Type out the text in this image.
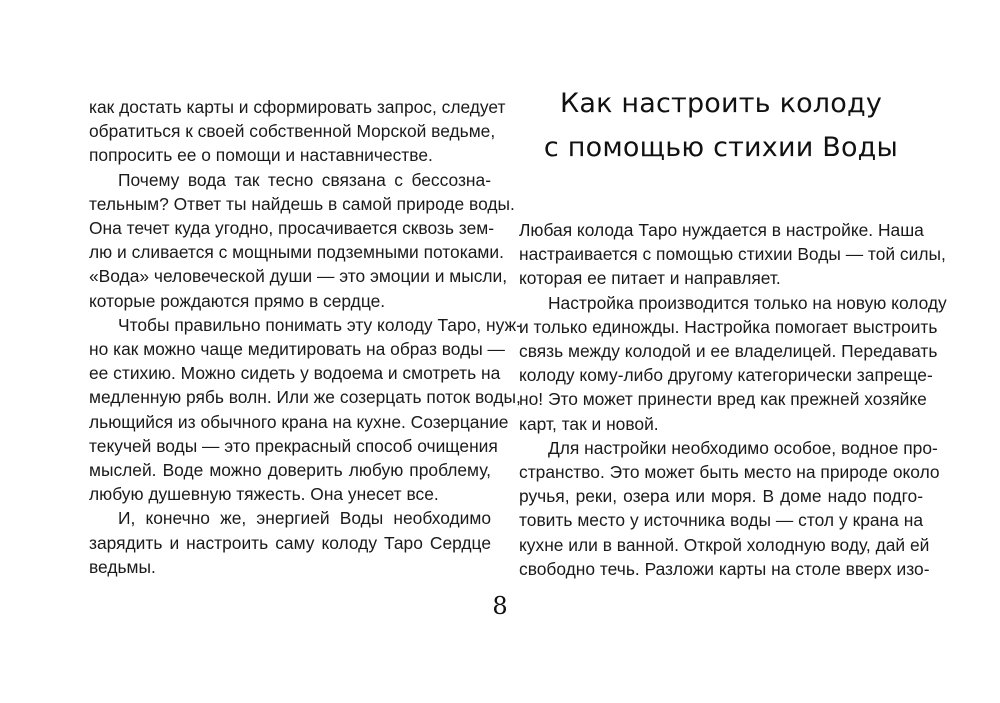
как достать карты и сформировать запрос, следует
обратиться к своей собственной Морской ведьме,
попросить ее о помощи и наставничестве.
Почему вода так тесно связана с бессозна-
тельным? Ответ ты найдешь в самой природе воды.
Она течет куда угодно, просачивается сквозь зем-
лю и сливается с мощными подземными потоками.
«Вода» человеческой души — это эмоции и мысли,
которые рождаются прямо в сердце.
Чтобы правильно понимать эту колоду Таро, нуж-
но как можно чаще медитировать на образ воды —
ее стихию. Можно сидеть у водоема и смотреть на
медленную рябь волн. Или же созерцать поток воды,
льющийся из обычного крана на кухне. Созерцание
текучей воды — это прекрасный способ очищения
мыслей. Воде можно доверить любую проблему,
любую душевную тяжесть. Она унесет все.
И, конечно же, энергией Воды необходимо
зарядить и настроить саму колоду Таро Сердце
ведьмы.
Как настроить колоду
с помощью стихии Воды
Любая колода Таро нуждается в настройке. Наша
настраивается с помощью стихии Воды — той силы,
которая ее питает и направляет.
Настройка производится только на новую колоду
и только единожды. Настройка помогает выстроить
связь между колодой и ее владелицей. Передавать
колоду кому-либо другому категорически запреще-
но! Это может принести вред как прежней хозяйке
карт, так и новой.
Для настройки необходимо особое, водное про-
странство. Это может быть место на природе около
ручья, реки, озера или моря. В доме надо подго-
товить место у источника воды — стол у крана на
кухне или в ванной. Открой холодную воду, дай ей
свободно течь. Разложи карты на столе вверх изо-
8
